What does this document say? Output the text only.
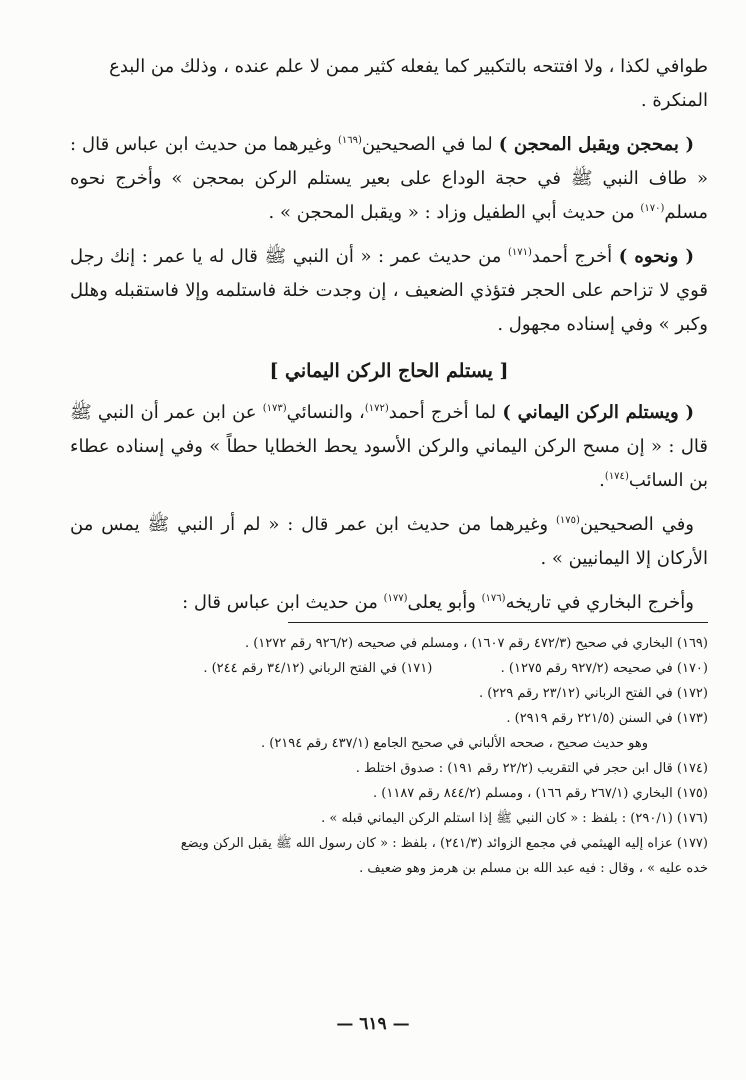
طوافي لكذا ، ولا افتتحه بالتكبير كما يفعله كثير ممن لا علم عنده ، وذلك من البدع
المنكرة .

( بمحجن ويقبل المحجن ) لما في الصحيحين$^{(١٦٩)}$ وغيرهما من حديث ابن عباس قال : « طاف النبي ﷺ في حجة الوداع على بعير يستلم الركن بمحجن » وأخرج نحوه مسلم$^{(١٧٠)}$ من حديث أبي الطفيل وزاد : « ويقبل المحجن » .

( ونحوه ) أخرج أحمد$^{(١٧١)}$ من حديث عمر : « أن النبي ﷺ قال له يا عمر : إنك رجل قوي لا تزاحم على الحجر فتؤذي الضعيف ، إن وجدت خلة فاستلمه وإلا فاستقبله وهلل وكبر » وفي إسناده مجهول .

[ يستلم الحاج الركن اليماني ]

( ويستلم الركن اليماني ) لما أخرج أحمد$^{(١٧٢)}$، والنسائي$^{(١٧٣)}$ عن ابن عمر أن النبي ﷺ قال : « إن مسح الركن اليماني والركن الأسود يحط الخطايا حطاً » وفي إسناده عطاء بن السائب$^{(١٧٤)}$.

وفي الصحيحين$^{(١٧٥)}$ وغيرهما من حديث ابن عمر قال : « لم أر النبي ﷺ يمس من الأركان إلا اليمانيين » .

وأخرج البخاري في تاريخه$^{(١٧٦)}$ وأبو يعلى$^{(١٧٧)}$ من حديث ابن عباس قال :

(١٦٩) البخاري في صحيح (٤٧٢/٣ رقم ١٦٠٧) ، ومسلم في صحيحه (٩٢٦/٢ رقم ١٢٧٢) .

(١٧٠) في صحيحه (٩٢٧/٢ رقم ١٢٧٥) .  (١٧١) في الفتح الرباني (٣٤/١٢ رقم ٢٤٤) .

(١٧٢) في الفتح الرباني (٢٣/١٢ رقم ٢٢٩) .

(١٧٣) في السنن (٢٢١/٥ رقم ٢٩١٩) .

وهو حديث صحيح ، صححه الألباني في صحيح الجامع (٤٣٧/١ رقم ٢١٩٤) .

(١٧٤) قال ابن حجر في التقريب (٢٢/٢ رقم ١٩١) : صدوق اختلط .

(١٧٥) البخاري (٢٦٧/١ رقم ١٦٦) ، ومسلم (٨٤٤/٢ رقم ١١٨٧) .

(١٧٦) (٢٩٠/١) : بلفظ : « كان النبي ﷺ إذا استلم الركن اليماني قبله » .

(١٧٧) عزاه إليه الهيثمي في مجمع الزوائد (٢٤١/٣) ، بلفظ : « كان رسول الله ﷺ يقبل الركن ويضع

خده عليه » ، وقال : فيه عبد الله بن مسلم بن هرمز وهو ضعيف .

— ٦١٩ —
